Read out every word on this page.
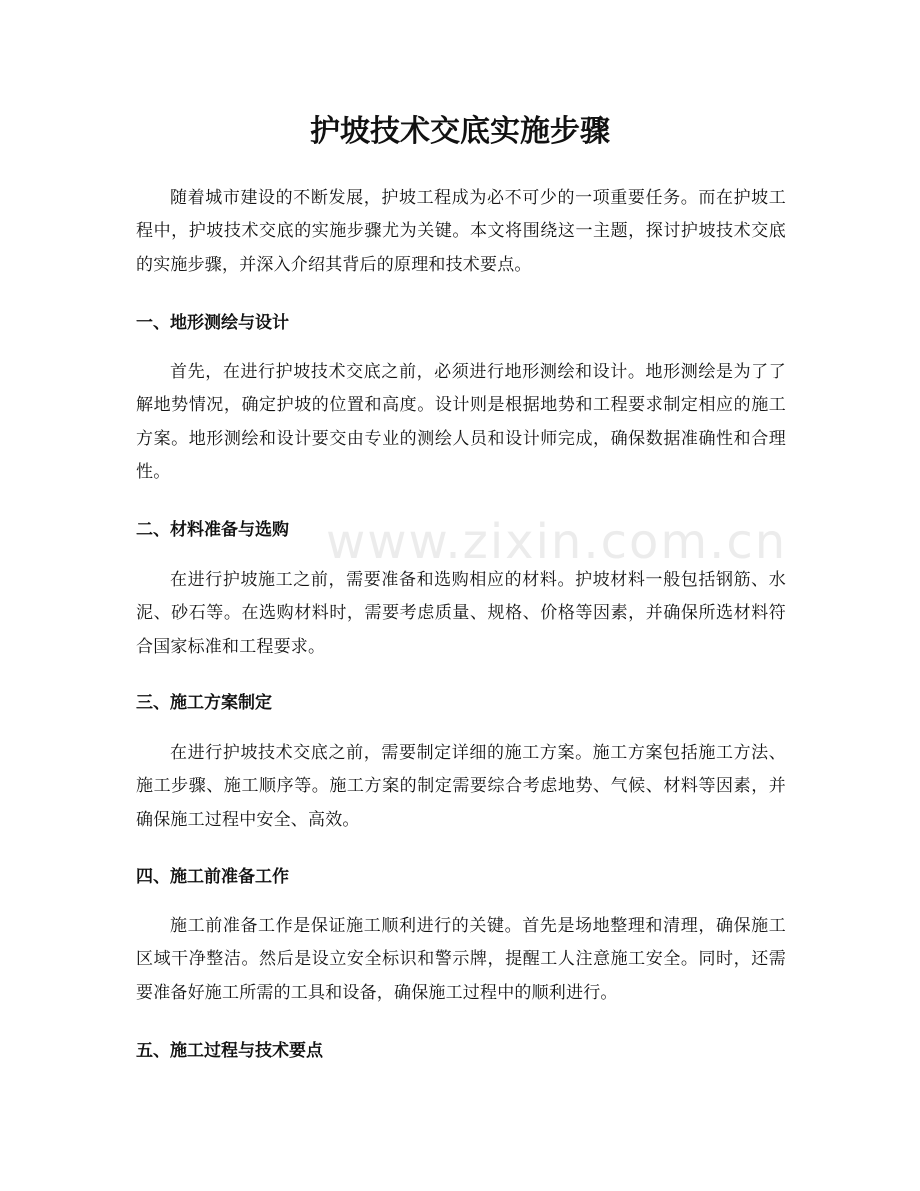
www.zixin.com.cn
护坡技术交底实施步骤

随着城市建设的不断发展，护坡工程成为必不可少的一项重要任务。而在护坡工程中，护坡技术交底的实施步骤尤为关键。本文将围绕这一主题，探讨护坡技术交底的实施步骤，并深入介绍其背后的原理和技术要点。

一、地形测绘与设计

首先，在进行护坡技术交底之前，必须进行地形测绘和设计。地形测绘是为了了解地势情况，确定护坡的位置和高度。设计则是根据地势和工程要求制定相应的施工方案。地形测绘和设计要交由专业的测绘人员和设计师完成，确保数据准确性和合理性。

二、材料准备与选购

在进行护坡施工之前，需要准备和选购相应的材料。护坡材料一般包括钢筋、水泥、砂石等。在选购材料时，需要考虑质量、规格、价格等因素，并确保所选材料符合国家标准和工程要求。

三、施工方案制定

在进行护坡技术交底之前，需要制定详细的施工方案。施工方案包括施工方法、施工步骤、施工顺序等。施工方案的制定需要综合考虑地势、气候、材料等因素，并确保施工过程中安全、高效。

四、施工前准备工作

施工前准备工作是保证施工顺利进行的关键。首先是场地整理和清理，确保施工区域干净整洁。然后是设立安全标识和警示牌，提醒工人注意施工安全。同时，还需要准备好施工所需的工具和设备，确保施工过程中的顺利进行。

五、施工过程与技术要点
